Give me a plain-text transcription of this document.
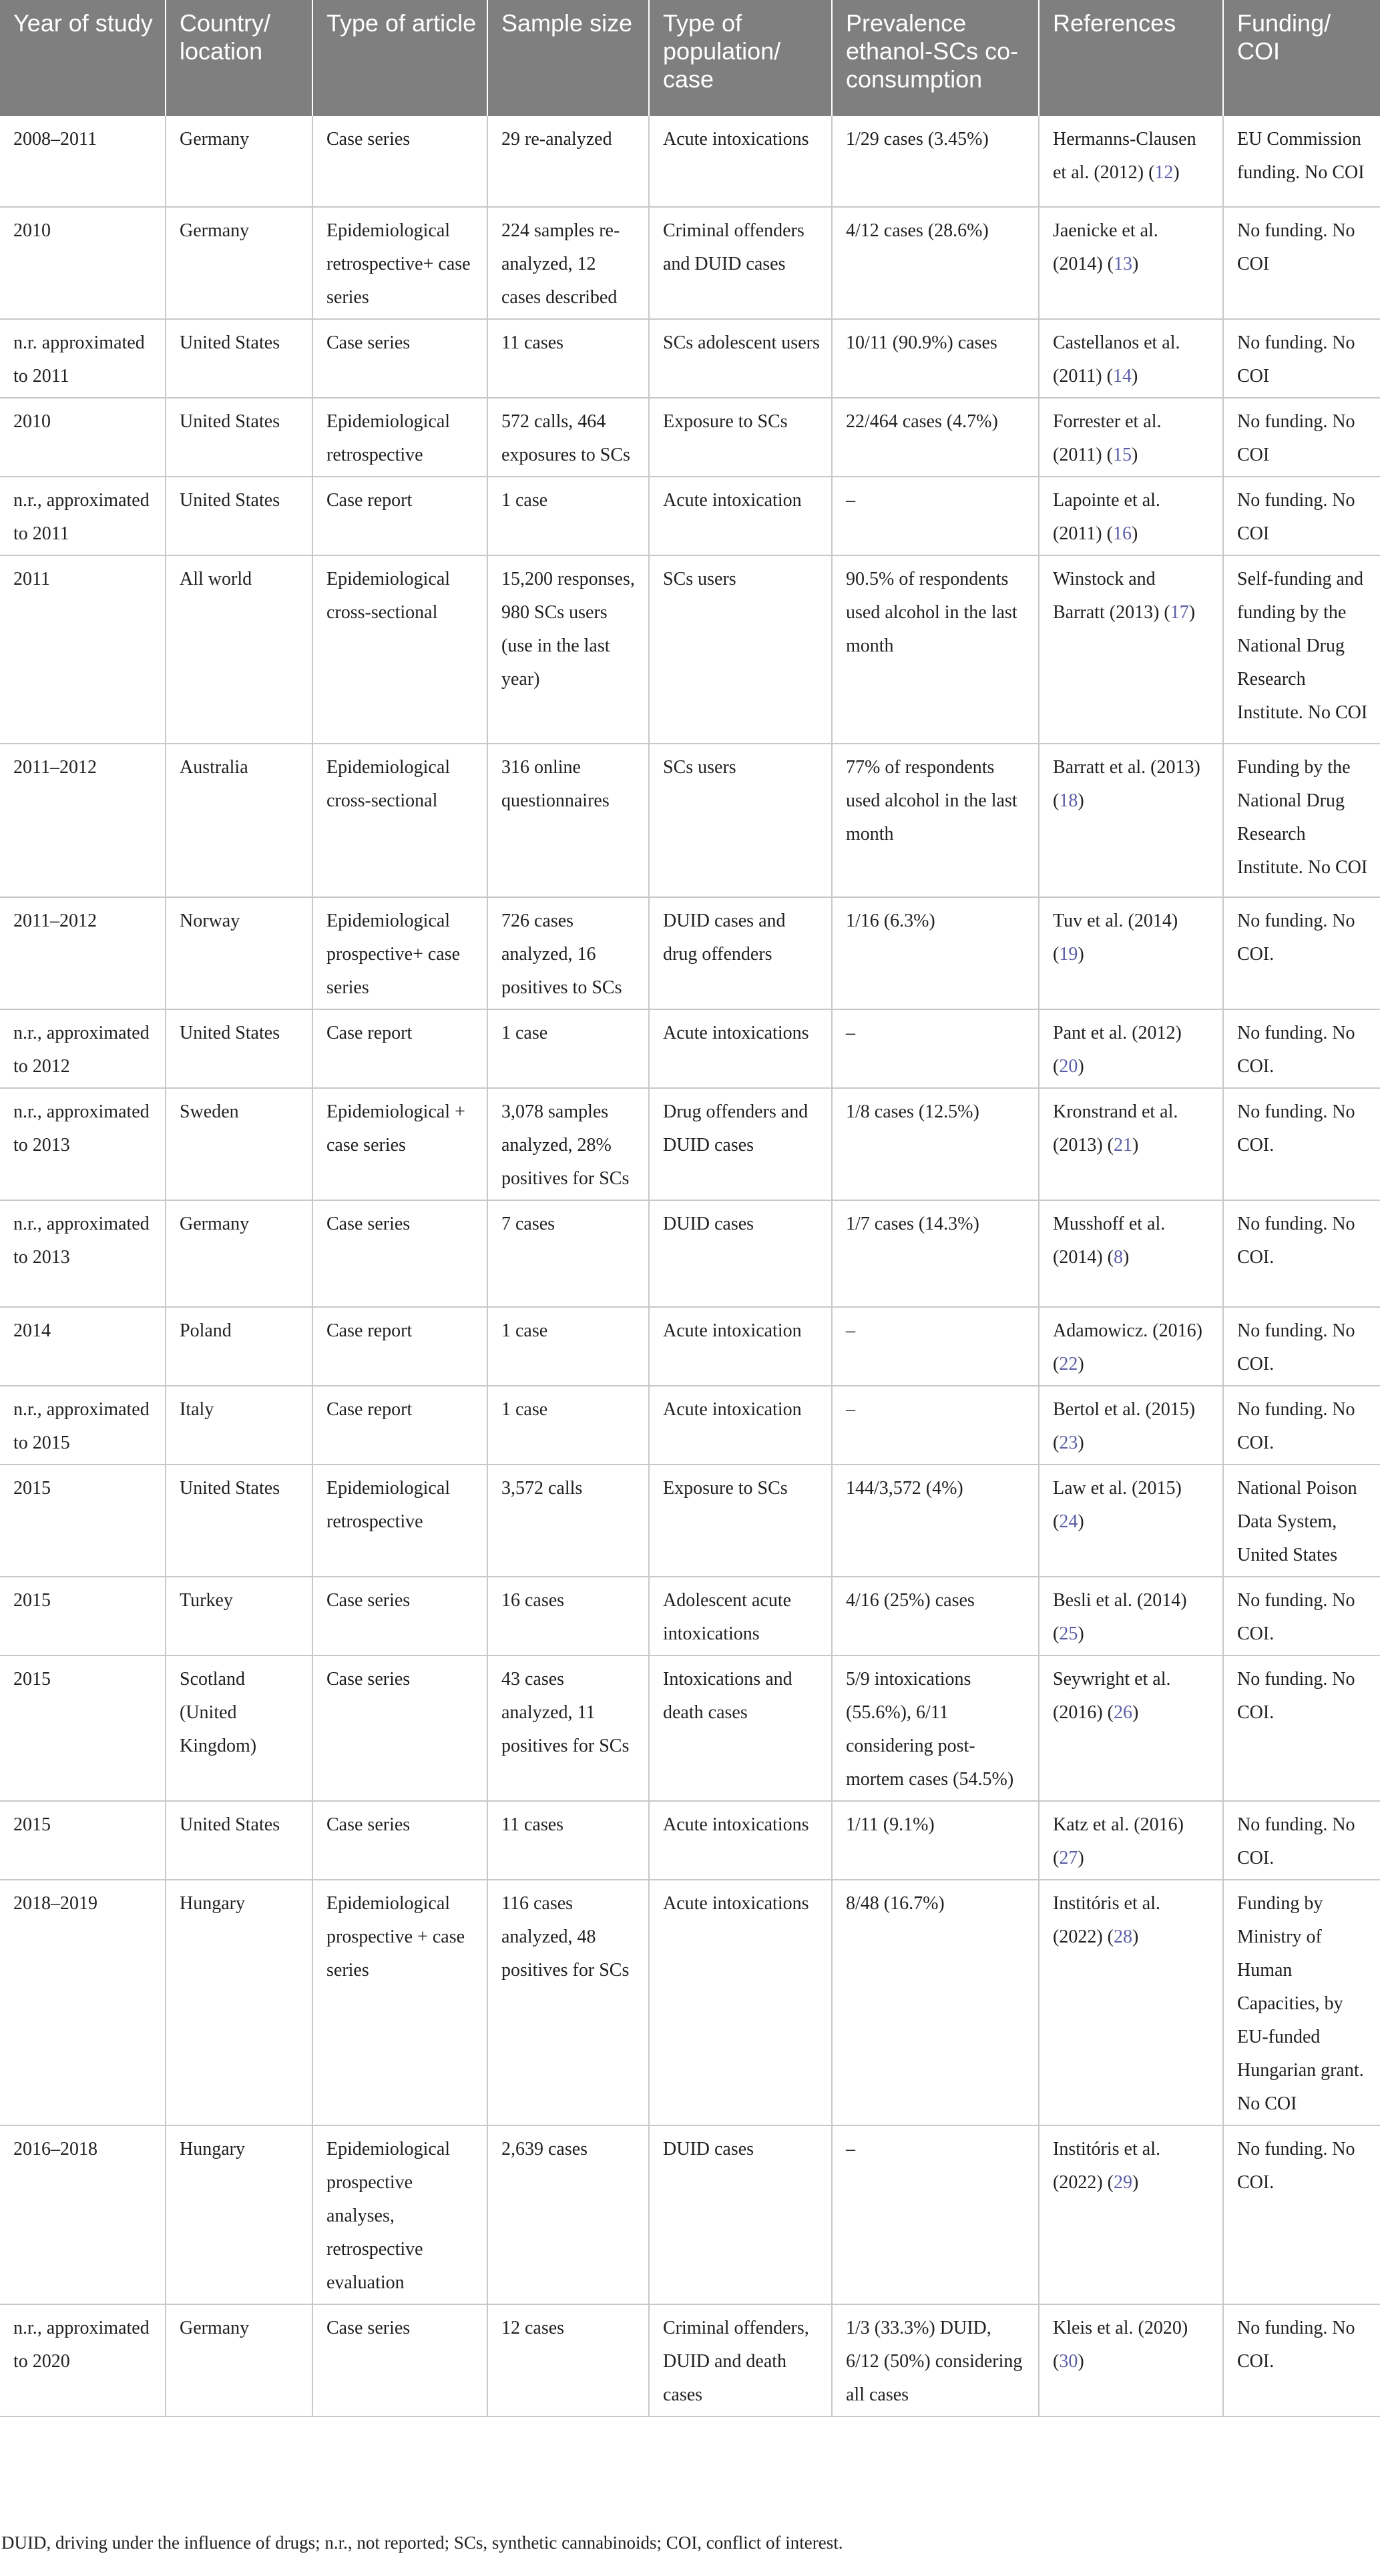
Year of study	Country/ location	Type of article	Sample size	Type of population/ case	Prevalence ethanol-SCs co-consumption	References	Funding/ COI
2008–2011	Germany	Case series	29 re-analyzed	Acute intoxications	1/29 cases (3.45%)	Hermanns-Clausen et al. (2012) (12)	EU Commission funding. No COI
2010	Germany	Epidemiological retrospective+ case series	224 samples re-analyzed, 12 cases described	Criminal offenders and DUID cases	4/12 cases (28.6%)	Jaenicke et al. (2014) (13)	No funding. No COI
n.r. approximated to 2011	United States	Case series	11 cases	SCs adolescent users	10/11 (90.9%) cases	Castellanos et al. (2011) (14)	No funding. No COI
2010	United States	Epidemiological retrospective	572 calls, 464 exposures to SCs	Exposure to SCs	22/464 cases (4.7%)	Forrester et al. (2011) (15)	No funding. No COI
n.r., approximated to 2011	United States	Case report	1 case	Acute intoxication	–	Lapointe et al. (2011) (16)	No funding. No COI
2011	All world	Epidemiological cross-sectional	15,200 responses, 980 SCs users (use in the last year)	SCs users	90.5% of respondents used alcohol in the last month	Winstock and Barratt (2013) (17)	Self-funding and funding by the National Drug Research Institute. No COI
2011–2012	Australia	Epidemiological cross-sectional	316 online questionnaires	SCs users	77% of respondents used alcohol in the last month	Barratt et al. (2013) (18)	Funding by the National Drug Research Institute. No COI
2011–2012	Norway	Epidemiological prospective+ case series	726 cases analyzed, 16 positives to SCs	DUID cases and drug offenders	1/16 (6.3%)	Tuv et al. (2014) (19)	No funding. No COI.
n.r., approximated to 2012	United States	Case report	1 case	Acute intoxications	–	Pant et al. (2012) (20)	No funding. No COI.
n.r., approximated to 2013	Sweden	Epidemiological + case series	3,078 samples analyzed, 28% positives for SCs	Drug offenders and DUID cases	1/8 cases (12.5%)	Kronstrand et al. (2013) (21)	No funding. No COI.
n.r., approximated to 2013	Germany	Case series	7 cases	DUID cases	1/7 cases (14.3%)	Musshoff et al. (2014) (8)	No funding. No COI.
2014	Poland	Case report	1 case	Acute intoxication	–	Adamowicz. (2016) (22)	No funding. No COI.
n.r., approximated to 2015	Italy	Case report	1 case	Acute intoxication	–	Bertol et al. (2015) (23)	No funding. No COI.
2015	United States	Epidemiological retrospective	3,572 calls	Exposure to SCs	144/3,572 (4%)	Law et al. (2015) (24)	National Poison Data System, United States
2015	Turkey	Case series	16 cases	Adolescent acute intoxications	4/16 (25%) cases	Besli et al. (2014) (25)	No funding. No COI.
2015	Scotland (United Kingdom)	Case series	43 cases analyzed, 11 positives for SCs	Intoxications and death cases	5/9 intoxications (55.6%), 6/11 considering post-mortem cases (54.5%)	Seywright et al. (2016) (26)	No funding. No COI.
2015	United States	Case series	11 cases	Acute intoxications	1/11 (9.1%)	Katz et al. (2016) (27)	No funding. No COI.
2018–2019	Hungary	Epidemiological prospective + case series	116 cases analyzed, 48 positives for SCs	Acute intoxications	8/48 (16.7%)	Institóris et al. (2022) (28)	Funding by Ministry of Human Capacities, by EU-funded Hungarian grant. No COI
2016–2018	Hungary	Epidemiological prospective analyses, retrospective evaluation	2,639 cases	DUID cases	–	Institóris et al. (2022) (29)	No funding. No COI.
n.r., approximated to 2020	Germany	Case series	12 cases	Criminal offenders, DUID and death cases	1/3 (33.3%) DUID, 6/12 (50%) considering all cases	Kleis et al. (2020) (30)	No funding. No COI.
DUID, driving under the influence of drugs; n.r., not reported; SCs, synthetic cannabinoids; COI, conflict of interest.
